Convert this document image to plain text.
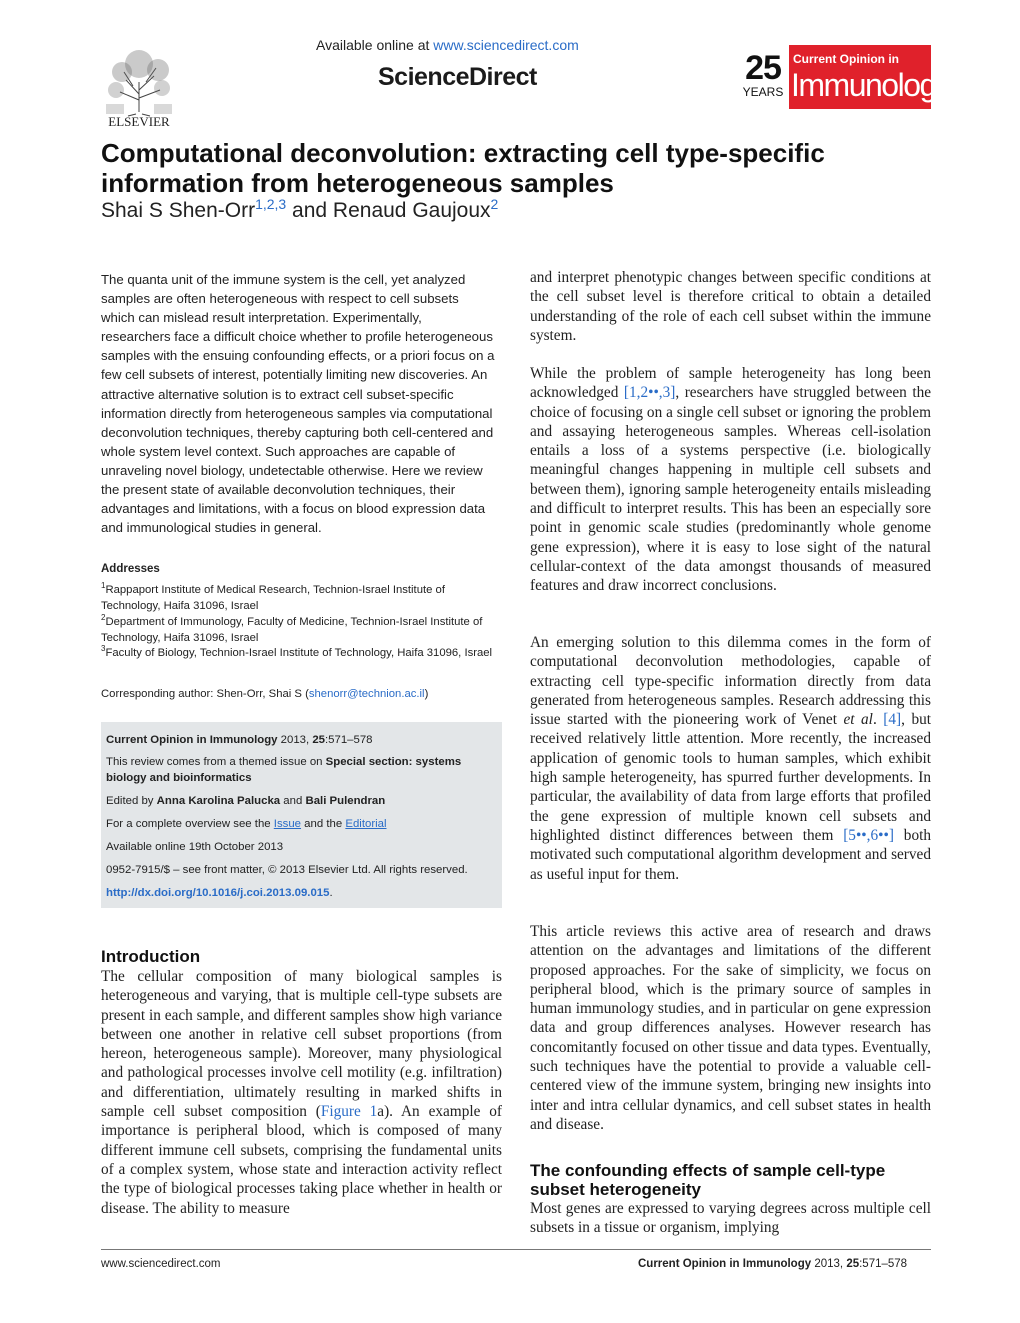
ELSEVIER
Available online at www.sciencedirect.com
ScienceDirect	25
YEARS
Current Opinion in
Immunology
Computational deconvolution: extracting cell type-specific information from heterogeneous samples
Shai S Shen-Orr$^{1,2,3}$ and Renaud Gaujoux$^2$
The quanta unit of the immune system is the cell, yet analyzed samples are often heterogeneous with respect to cell subsets which can mislead result interpretation. Experimentally, researchers face a difficult choice whether to profile heterogeneous samples with the ensuing confounding effects, or a priori focus on a few cell subsets of interest, potentially limiting new discoveries. An attractive alternative solution is to extract cell subset-specific information directly from heterogeneous samples via computational deconvolution techniques, thereby capturing both cell-centered and whole system level context. Such approaches are capable of unraveling novel biology, undetectable otherwise. Here we review the present state of available deconvolution techniques, their advantages and limitations, with a focus on blood expression data and immunological studies in general.
Addresses
$^1$Rappaport Institute of Medical Research, Technion-Israel Institute of Technology, Haifa 31096, Israel
$^2$Department of Immunology, Faculty of Medicine, Technion-Israel Institute of Technology, Haifa 31096, Israel
$^3$Faculty of Biology, Technion-Israel Institute of Technology, Haifa 31096, Israel
Corresponding author: Shen-Orr, Shai S (shenorr@technion.ac.il)
Current Opinion in Immunology 2013, 25:571–578
This review comes from a themed issue on Special section: systems biology and bioinformatics
Edited by Anna Karolina Palucka and Bali Pulendran
For a complete overview see the Issue and the Editorial
Available online 19th October 2013
0952-7915/$ – see front matter, © 2013 Elsevier Ltd. All rights reserved.
http://dx.doi.org/10.1016/j.coi.2013.09.015.
Introduction
The cellular composition of many biological samples is heterogeneous and varying, that is multiple cell-type subsets are present in each sample, and different samples show high variance between one another in relative cell subset proportions (from hereon, heterogeneous sample). Moreover, many physiological and pathological processes involve cell motility (e.g. infiltration) and differentiation, ultimately resulting in marked shifts in sample cell subset composition (Figure 1a). An example of importance is peripheral blood, which is composed of many different immune cell subsets, comprising the fundamental units of a complex system, whose state and interaction activity reflect the type of biological processes taking place whether in health or disease. The ability to measure
and interpret phenotypic changes between specific conditions at the cell subset level is therefore critical to obtain a detailed understanding of the role of each cell subset within the immune system.
While the problem of sample heterogeneity has long been acknowledged [1,2••,3], researchers have struggled between the choice of focusing on a single cell subset or ignoring the problem and assaying heterogeneous samples. Whereas cell-isolation entails a loss of a systems perspective (i.e. biologically meaningful changes happening in multiple cell subsets and between them), ignoring sample heterogeneity entails misleading and difficult to interpret results. This has been an especially sore point in genomic scale studies (predominantly whole genome gene expression), where it is easy to lose sight of the natural cellular-context of the data amongst thousands of measured features and draw incorrect conclusions.
An emerging solution to this dilemma comes in the form of computational deconvolution methodologies, capable of extracting cell type-specific information directly from data generated from heterogeneous samples. Research addressing this issue started with the pioneering work of Venet et al. [4], but received relatively little attention. More recently, the increased application of genomic tools to human samples, which exhibit high sample heterogeneity, has spurred further developments. In particular, the availability of data from large efforts that profiled the gene expression of multiple known cell subsets and highlighted distinct differences between them [5••,6••] both motivated such computational algorithm development and served as useful input for them.
This article reviews this active area of research and draws attention on the advantages and limitations of the different proposed approaches. For the sake of simplicity, we focus on peripheral blood, which is the primary source of samples in human immunology studies, and in particular on gene expression data and group differences analyses. However research has concomitantly focused on other tissue and data types. Eventually, such techniques have the potential to provide a valuable cell-centered view of the immune system, bringing new insights into inter and intra cellular dynamics, and cell subset states in health and disease.
The confounding effects of sample cell-type subset heterogeneity
Most genes are expressed to varying degrees across multiple cell subsets in a tissue or organism, implying
www.sciencedirect.com	Current Opinion in Immunology 2013, 25:571–578
